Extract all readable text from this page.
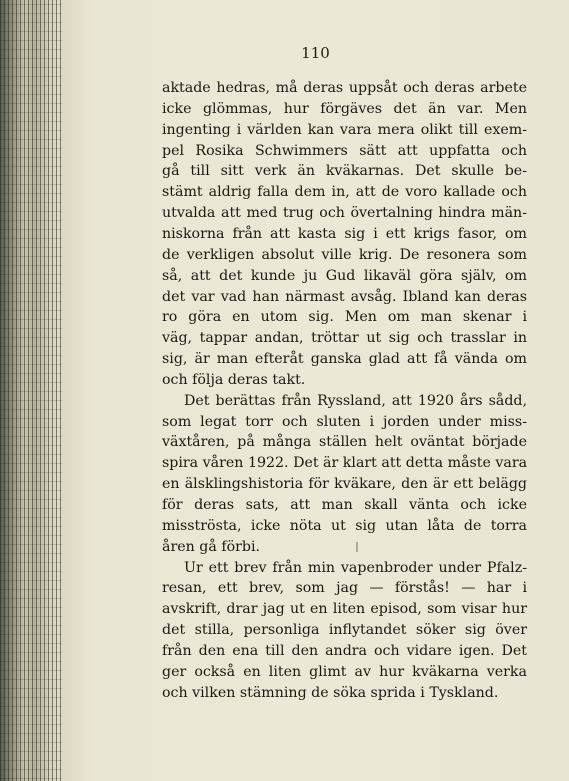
110
aktade hedras, må deras uppsåt och deras arbete
icke glömmas, hur förgäves det än var. Men
ingenting i världen kan vara mera olikt till exem-
pel Rosika Schwimmers sätt att uppfatta och
gå till sitt verk än kväkarnas. Det skulle be-
stämt aldrig falla dem in, att de voro kallade och
utvalda att med trug och övertalning hindra män-
niskorna från att kasta sig i ett krigs fasor, om
de verkligen absolut ville krig. De resonera som
så, att det kunde ju Gud likaväl göra själv, om
det var vad han närmast avsåg. Ibland kan deras
ro göra en utom sig. Men om man skenar i
väg, tappar andan, tröttar ut sig och trasslar in
sig, är man efteråt ganska glad att få vända om
och följa deras takt.
Det berättas från Ryssland, att 1920 års sådd,
som legat torr och sluten i jorden under miss-
växtåren, på många ställen helt oväntat började
spira våren 1922. Det är klart att detta måste vara
en älsklingshistoria för kväkare, den är ett belägg
för deras sats, att man skall vänta och icke
misströsta, icke nöta ut sig utan låta de torra
åren gå förbi.
Ur ett brev från min vapenbroder under Pfalz-
resan, ett brev, som jag — förstås! — har i
avskrift, drar jag ut en liten episod, som visar hur
det stilla, personliga inflytandet söker sig över
från den ena till den andra och vidare igen. Det
ger också en liten glimt av hur kväkarna verka
och vilken stämning de söka sprida i Tyskland.
